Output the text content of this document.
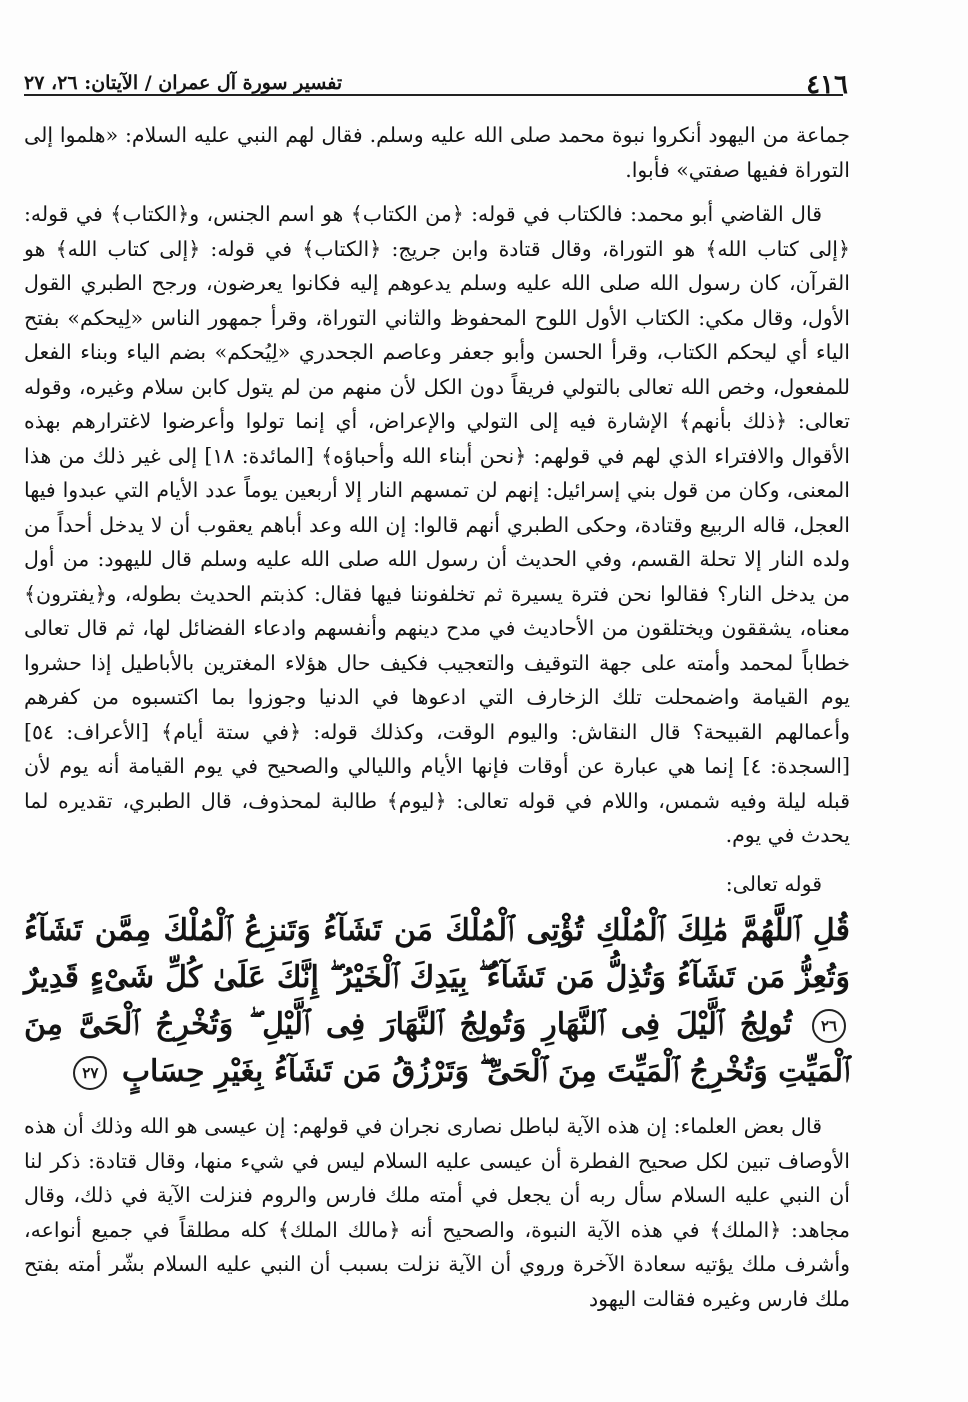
٤١٦
تفسير سورة آل عمران / الآيتان: ٢٦، ٢٧

جماعة من اليهود أنكروا نبوة محمد صلى الله عليه وسلم. فقال لهم النبي عليه السلام: «هلموا إلى التوراة ففيها صفتي» فأبوا.

قال القاضي أبو محمد: فالكتاب في قوله: ﴿من الكتاب﴾ هو اسم الجنس، و﴿الكتاب﴾ في قوله: ﴿إلى كتاب الله﴾ هو التوراة، وقال قتادة وابن جريج: ﴿الكتاب﴾ في قوله: ﴿إلى كتاب الله﴾ هو القرآن، كان رسول الله صلى الله عليه وسلم يدعوهم إليه فكانوا يعرضون، ورجح الطبري القول الأول، وقال مكي: الكتاب الأول اللوح المحفوظ والثاني التوراة، وقرأ جمهور الناس «لِيحكم» بفتح الياء أي ليحكم الكتاب، وقرأ الحسن وأبو جعفر وعاصم الجحدري «لِيُحكم» بضم الياء وبناء الفعل للمفعول، وخص الله تعالى بالتولي فريقاً دون الكل لأن منهم من لم يتول كابن سلام وغيره، وقوله تعالى: ﴿ذلك بأنهم﴾ الإشارة فيه إلى التولي والإعراض، أي إنما تولوا وأعرضوا لاغترارهم بهذه الأقوال والافتراء الذي لهم في قولهم: ﴿نحن أبناء الله وأحباؤه﴾ [المائدة: ١٨] إلى غير ذلك من هذا المعنى، وكان من قول بني إسرائيل: إنهم لن تمسهم النار إلا أربعين يوماً عدد الأيام التي عبدوا فيها العجل، قاله الربيع وقتادة، وحكى الطبري أنهم قالوا: إن الله وعد أباهم يعقوب أن لا يدخل أحداً من ولده النار إلا تحلة القسم، وفي الحديث أن رسول الله صلى الله عليه وسلم قال لليهود: من أول من يدخل النار؟ فقالوا نحن فترة يسيرة ثم تخلفوننا فيها فقال: كذبتم الحديث بطوله، و﴿يفترون﴾ معناه، يشققون ويختلقون من الأحاديث في مدح دينهم وأنفسهم وادعاء الفضائل لها، ثم قال تعالى خطاباً لمحمد وأمته على جهة التوقيف والتعجيب فكيف حال هؤلاء المغترين بالأباطيل إذا حشروا يوم القيامة واضمحلت تلك الزخارف التي ادعوها في الدنيا وجوزوا بما اكتسبوه من كفرهم وأعمالهم القبيحة؟ قال النقاش: واليوم الوقت، وكذلك قوله: ﴿في ستة أيام﴾ [الأعراف: ٥٤] [السجدة: ٤] إنما هي عبارة عن أوقات فإنها الأيام والليالي والصحيح في يوم القيامة أنه يوم لأن قبله ليلة وفيه شمس، واللام في قوله تعالى: ﴿ليوم﴾ طالبة لمحذوف، قال الطبري، تقديره لما يحدث في يوم.

قوله تعالى:

قُلِ ٱللَّهُمَّ مَٰلِكَ ٱلْمُلْكِ تُؤْتِى ٱلْمُلْكَ مَن تَشَآءُ وَتَنزِعُ ٱلْمُلْكَ مِمَّن تَشَآءُ وَتُعِزُّ مَن تَشَآءُ وَتُذِلُّ مَن تَشَآءُ ۖ بِيَدِكَ ٱلْخَيْرُ ۖ إِنَّكَ عَلَىٰ كُلِّ شَىْءٍ قَدِيرٌ ٢٦ تُولِجُ ٱلَّيْلَ فِى ٱلنَّهَارِ وَتُولِجُ ٱلنَّهَارَ فِى ٱلَّيْلِ ۖ وَتُخْرِجُ ٱلْحَىَّ مِنَ ٱلْمَيِّتِ وَتُخْرِجُ ٱلْمَيِّتَ مِنَ ٱلْحَىِّ ۖ وَتَرْزُقُ مَن تَشَآءُ بِغَيْرِ حِسَابٍ ٢٧

قال بعض العلماء: إن هذه الآية لباطل نصارى نجران في قولهم: إن عيسى هو الله وذلك أن هذه الأوصاف تبين لكل صحيح الفطرة أن عيسى عليه السلام ليس في شيء منها، وقال قتادة: ذكر لنا أن النبي عليه السلام سأل ربه أن يجعل في أمته ملك فارس والروم فنزلت الآية في ذلك، وقال مجاهد: ﴿الملك﴾ في هذه الآية النبوة، والصحيح أنه ﴿مالك الملك﴾ كله مطلقاً في جميع أنواعه، وأشرف ملك يؤتيه سعادة الآخرة وروي أن الآية نزلت بسبب أن النبي عليه السلام بشّر أمته بفتح ملك فارس وغيره فقالت اليهود
